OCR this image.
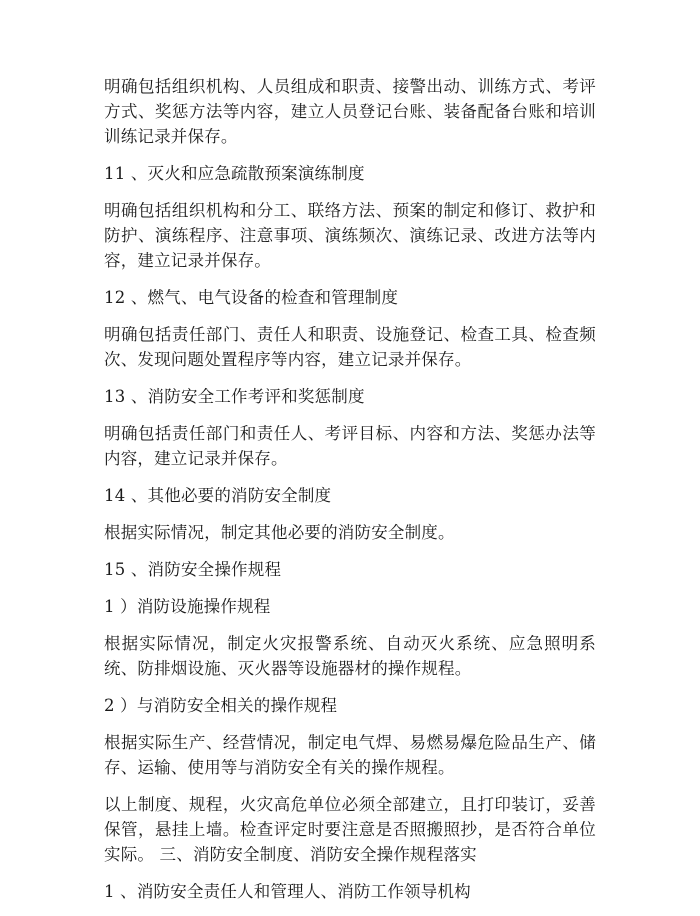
明确包括组织机构、人员组成和职责、接警出动、训练方式、考评方式、奖惩方法等内容，建立人员登记台账、装备配备台账和培训训练记录并保存。

11 、灭火和应急疏散预案演练制度

明确包括组织机构和分工、联络方法、预案的制定和修订、救护和防护、演练程序、注意事项、演练频次、演练记录、改进方法等内容，建立记录并保存。

12 、燃气、电气设备的检查和管理制度

明确包括责任部门、责任人和职责、设施登记、检查工具、检查频次、发现问题处置程序等内容，建立记录并保存。

13 、消防安全工作考评和奖惩制度

明确包括责任部门和责任人、考评目标、内容和方法、奖惩办法等内容，建立记录并保存。

14 、其他必要的消防安全制度

根据实际情况，制定其他必要的消防安全制度。

15 、消防安全操作规程

1 ）消防设施操作规程

根据实际情况，制定火灾报警系统、自动灭火系统、应急照明系统、防排烟设施、灭火器等设施器材的操作规程。

2 ）与消防安全相关的操作规程

根据实际生产、经营情况，制定电气焊、易燃易爆危险品生产、储存、运输、使用等与消防安全有关的操作规程。

以上制度、规程，火灾高危单位必须全部建立，且打印装订，妥善保管，悬挂上墙。检查评定时要注意是否照搬照抄，是否符合单位实际。 三、消防安全制度、消防安全操作规程落实

1 、消防安全责任人和管理人、消防工作领导机构
